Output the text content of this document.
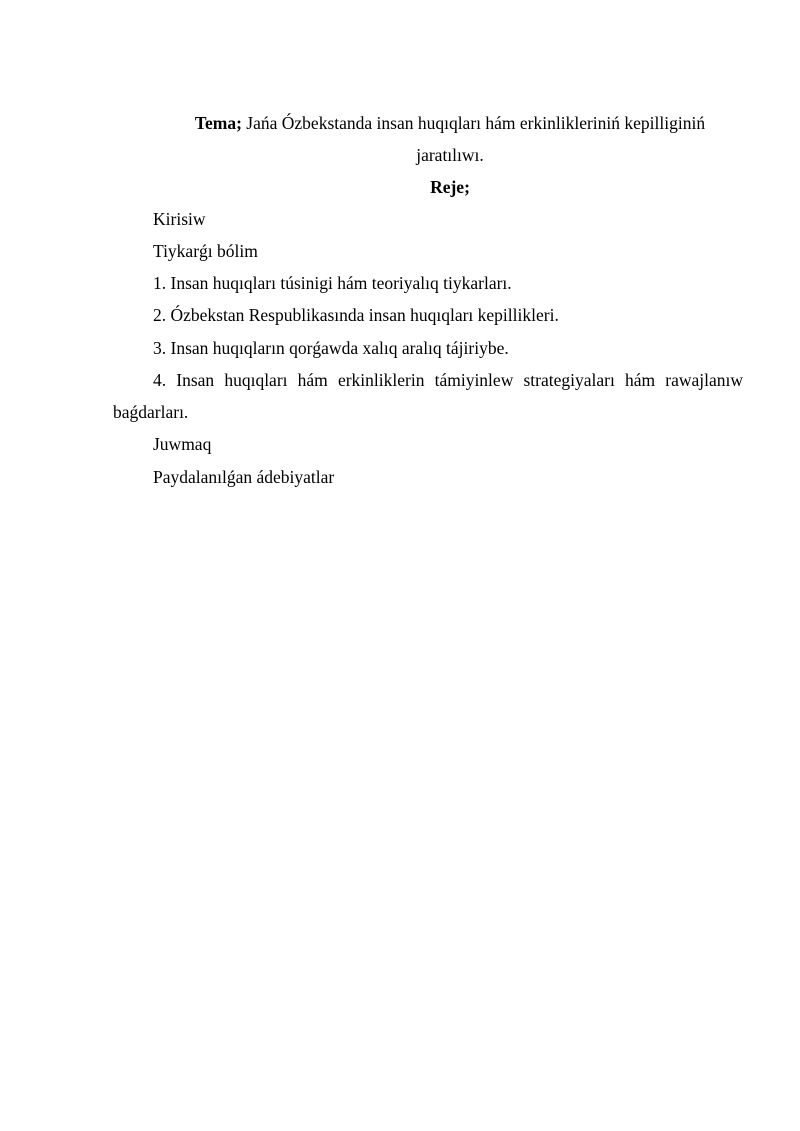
Tema; Jańa Ózbekstanda insan huqıqları hám erkinlikleriniń kepilliginiń
jaratılıwı.
Reje;
Kirisiw
Tiykarǵı bólim
1. Insan huqıqları túsinigi hám teoriyalıq tiykarları.
2. Ózbekstan Respublikasında insan huqıqları kepillikleri.
3. Insan huqıqların qorǵawda xalıq aralıq tájiriybe.
4. Insan huqıqları hám erkinliklerin támiyinlew strategiyaları hám rawajlanıw
baǵdarları.
Juwmaq
Paydalanılǵan ádebiyatlar
